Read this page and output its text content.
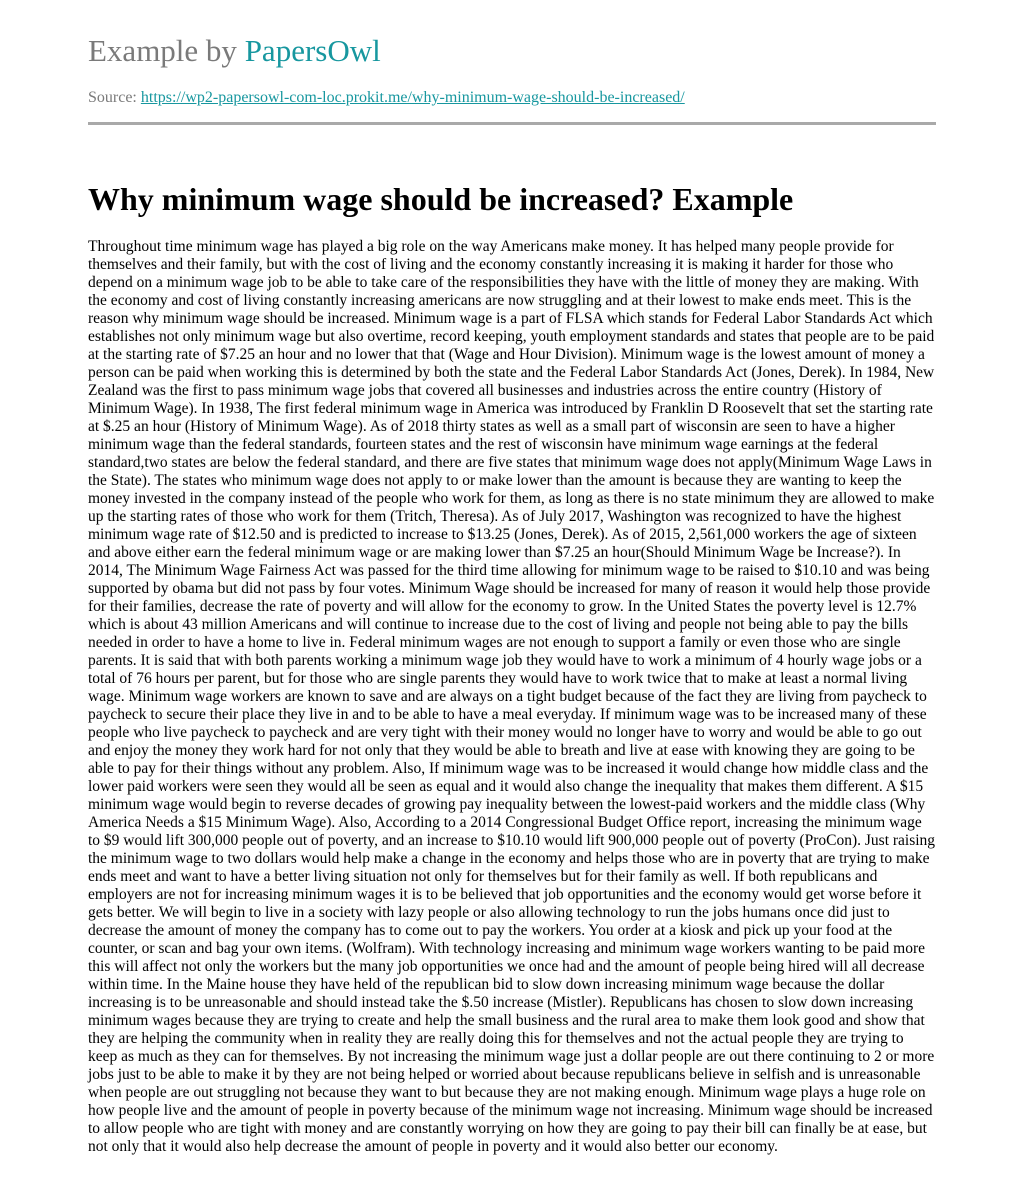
Example by PapersOwl
Source: https://wp2-papersowl-com-loc.prokit.me/why-minimum-wage-should-be-increased/
Why minimum wage should be increased? Example

Throughout time minimum wage has played a big role on the way Americans make money. It has helped many people provide for themselves and their family, but with the cost of living and the economy constantly increasing it is making it harder for those who depend on a minimum wage job to be able to take care of the responsibilities they have with the little of money they are making. With the economy and cost of living constantly increasing americans are now struggling and at their lowest to make ends meet. This is the reason why minimum wage should be increased. Minimum wage is a part of FLSA which stands for Federal Labor Standards Act which establishes not only minimum wage but also overtime, record keeping, youth employment standards and states that people are to be paid at the starting rate of $7.25 an hour and no lower that that (Wage and Hour Division). Minimum wage is the lowest amount of money a person can be paid when working this is determined by both the state and the Federal Labor Standards Act (Jones, Derek). In 1984, New Zealand was the first to pass minimum wage jobs that covered all businesses and industries across the entire country (History of Minimum Wage). In 1938, The first federal minimum wage in America was introduced by Franklin D Roosevelt that set the starting rate at $.25 an hour (History of Minimum Wage). As of 2018 thirty states as well as a small part of wisconsin are seen to have a higher minimum wage than the federal standards, fourteen states and the rest of wisconsin have minimum wage earnings at the federal standard,two states are below the federal standard, and there are five states that minimum wage does not apply(Minimum Wage Laws in the State). The states who minimum wage does not apply to or make lower than the amount is because they are wanting to keep the money invested in the company instead of the people who work for them, as long as there is no state minimum they are allowed to make up the starting rates of those who work for them (Tritch, Theresa). As of July 2017, Washington was recognized to have the highest minimum wage rate of $12.50 and is predicted to increase to $13.25 (Jones, Derek). As of 2015, 2,561,000 workers the age of sixteen and above either earn the federal minimum wage or are making lower than $7.25 an hour(Should Minimum Wage be Increase?). In 2014, The Minimum Wage Fairness Act was passed for the third time allowing for minimum wage to be raised to $10.10 and was being supported by obama but did not pass by four votes. Minimum Wage should be increased for many of reason it would help those provide for their families, decrease the rate of poverty and will allow for the economy to grow. In the United States the poverty level is 12.7% which is about 43 million Americans and will continue to increase due to the cost of living and people not being able to pay the bills needed in order to have a home to live in. Federal minimum wages are not enough to support a family or even those who are single parents. It is said that with both parents working a minimum wage job they would have to work a minimum of 4 hourly wage jobs or a total of 76 hours per parent, but for those who are single parents they would have to work twice that to make at least a normal living wage. Minimum wage workers are known to save and are always on a tight budget because of the fact they are living from paycheck to paycheck to secure their place they live in and to be able to have a meal everyday. If minimum wage was to be increased many of these people who live paycheck to paycheck and are very tight with their money would no longer have to worry and would be able to go out and enjoy the money they work hard for not only that they would be able to breath and live at ease with knowing they are going to be able to pay for their things without any problem. Also, If minimum wage was to be increased it would change how middle class and the lower paid workers were seen they would all be seen as equal and it would also change the inequality that makes them different. A $15 minimum wage would begin to reverse decades of growing pay inequality between the lowest-paid workers and the middle class (Why America Needs a $15 Minimum Wage). Also, According to a 2014 Congressional Budget Office report, increasing the minimum wage to $9 would lift 300,000 people out of poverty, and an increase to $10.10 would lift 900,000 people out of poverty (ProCon). Just raising the minimum wage to two dollars would help make a change in the economy and helps those who are in poverty that are trying to make ends meet and want to have a better living situation not only for themselves but for their family as well. If both republicans and employers are not for increasing minimum wages it is to be believed that job opportunities and the economy would get worse before it gets better. We will begin to live in a society with lazy people or also allowing technology to run the jobs humans once did just to decrease the amount of money the company has to come out to pay the workers. You order at a kiosk and pick up your food at the counter, or scan and bag your own items. (Wolfram). With technology increasing and minimum wage workers wanting to be paid more this will affect not only the workers but the many job opportunities we once had and the amount of people being hired will all decrease within time. In the Maine house they have held of the republican bid to slow down increasing minimum wage because the dollar increasing is to be unreasonable and should instead take the $.50 increase (Mistler). Republicans has chosen to slow down increasing minimum wages because they are trying to create and help the small business and the rural area to make them look good and show that they are helping the community when in reality they are really doing this for themselves and not the actual people they are trying to keep as much as they can for themselves. By not increasing the minimum wage just a dollar people are out there continuing to 2 or more jobs just to be able to make it by they are not being helped or worried about because republicans believe in selfish and is unreasonable when people are out struggling not because they want to but because they are not making enough. Minimum wage plays a huge role on how people live and the amount of people in poverty because of the minimum wage not increasing. Minimum wage should be increased to allow people who are tight with money and are constantly worrying on how they are going to pay their bill can finally be at ease, but not only that it would also help decrease the amount of people in poverty and it would also better our economy.
